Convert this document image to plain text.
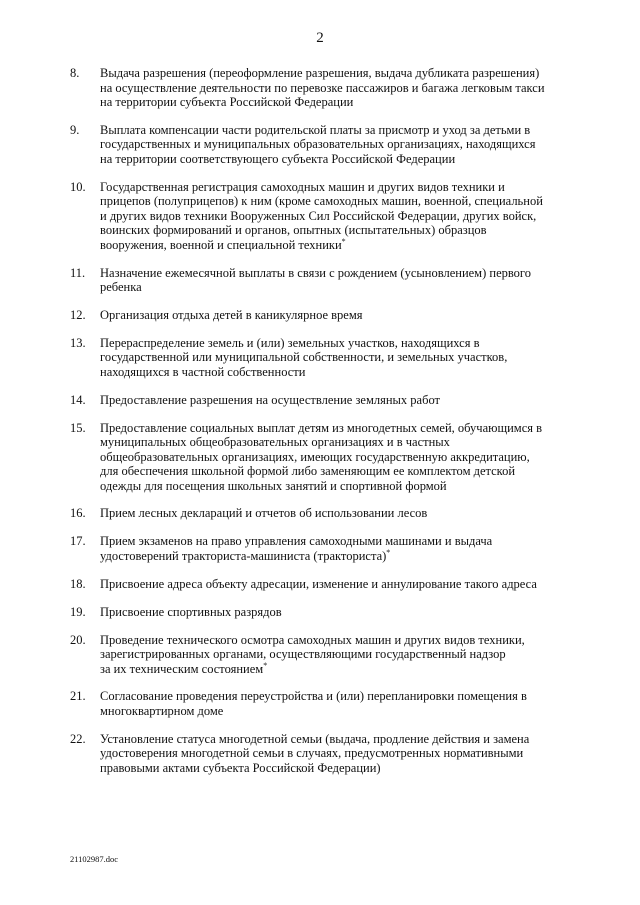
2
8.	Выдача разрешения (переоформление разрешения, выдача дубликата разрешения)
на осуществление деятельности по перевозке пассажиров и багажа легковым такси
на территории субъекта Российской Федерации
9.	Выплата компенсации части родительской платы за присмотр и уход за детьми в
государственных и муниципальных образовательных организациях, находящихся
на территории соответствующего субъекта Российской Федерации
10.	Государственная регистрация самоходных машин и других видов техники и
прицепов (полуприцепов) к ним (кроме самоходных машин, военной, специальной
и других видов техники Вооруженных Сил Российской Федерации, других войск,
воинских формирований и органов, опытных (испытательных) образцов
вооружения, военной и специальной техники*
11.	Назначение ежемесячной выплаты в связи с рождением (усыновлением) первого
ребенка
12.	Организация отдыха детей в каникулярное время
13.	Перераспределение земель и (или) земельных участков, находящихся в
государственной или муниципальной собственности, и земельных участков,
находящихся в частной собственности
14.	Предоставление разрешения на осуществление земляных работ
15.	Предоставление социальных выплат детям из многодетных семей, обучающимся в
муниципальных общеобразовательных организациях и в частных
общеобразовательных организациях, имеющих государственную аккредитацию,
для обеспечения школьной формой либо заменяющим ее комплектом детской
одежды для посещения школьных занятий и спортивной формой
16.	Прием лесных деклараций и отчетов об использовании лесов
17.	Прием экзаменов на право управления самоходными машинами и выдача
удостоверений тракториста-машиниста (тракториста)*
18.	Присвоение адреса объекту адресации, изменение и аннулирование такого адреса
19.	Присвоение спортивных разрядов
20.	Проведение технического осмотра самоходных машин и других видов техники,
зарегистрированных органами, осуществляющими государственный надзор
за их техническим состоянием*
21.	Согласование проведения переустройства и (или) перепланировки помещения в
многоквартирном доме
22.	Установление статуса многодетной семьи (выдача, продление действия и замена
удостоверения многодетной семьи в случаях, предусмотренных нормативными
правовыми актами субъекта Российской Федерации)
21102987.doc
